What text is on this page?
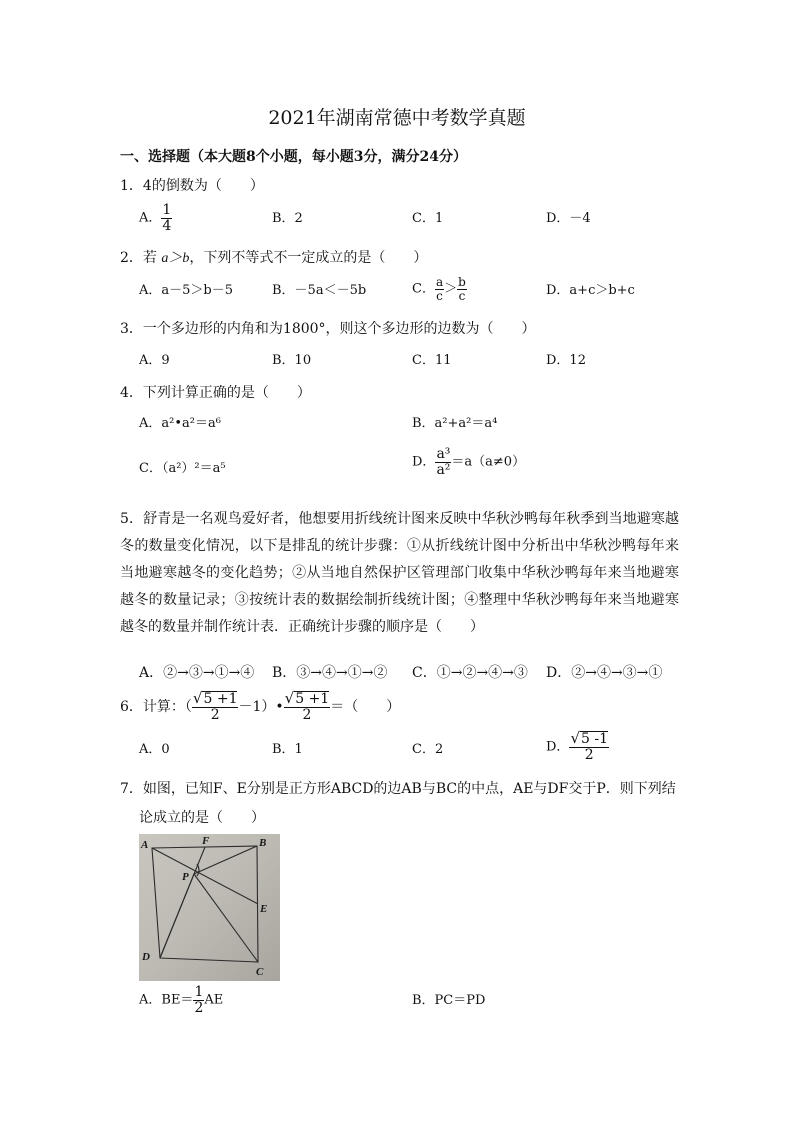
2021年湖南常德中考数学真题
一、选择题（本大题8个小题，每小题3分，满分24分）
1．4的倒数为（　　）
A． $\frac{1}{4}$	B．2	C．1	D．－4
2．若 a＞b，下列不等式不一定成立的是（　　）
A．a－5＞b－5	B．－5a＜－5b	C． $\frac{a}{c} > \frac{b}{c}$	D．a+c＞b+c
3．一个多边形的内角和为1800°，则这个多边形的边数为（　　）
A．9	B．10	C．11	D．12
4．下列计算正确的是（　　）
A．a²•a²＝a⁶	B．a²+a²＝a⁴
C．（a²）²＝a⁵	D． $\frac{\text{a³}}{\text{a²}} =a(a\ne 0)$
5．舒青是一名观鸟爱好者，他想要用折线统计图来反映中华秋沙鸭每年秋季到当地避寒越冬的数量变化情况，以下是排乱的统计步骤：①从折线统计图中分析出中华秋沙鸭每年来当地避寒越冬的变化趋势；②从当地自然保护区管理部门收集中华秋沙鸭每年来当地避寒越冬的数量记录；③按统计表的数据绘制折线统计图；④整理中华秋沙鸭每年来当地避寒越冬的数量并制作统计表．正确统计步骤的顺序是（　　）
A．②→③→①→④ B．③→④→①→② C．①→②→④→③ D．②→④→③→①
6．计算：（ $\frac{√5 +1}{2}$ －1）• $\frac{√5 +1}{2}$ ＝（　　）
A．0	B．1	C．2	D． $\frac{√5 -1}{2}$
7．如图，已知F、E分别是正方形ABCD的边AB与BC的中点，AE与DF交于P．则下列结
论成立的是（　　）
A	F	B
P
E
D
C
A．$BE= \frac{1}{2}$ AE	B．PC＝PD
